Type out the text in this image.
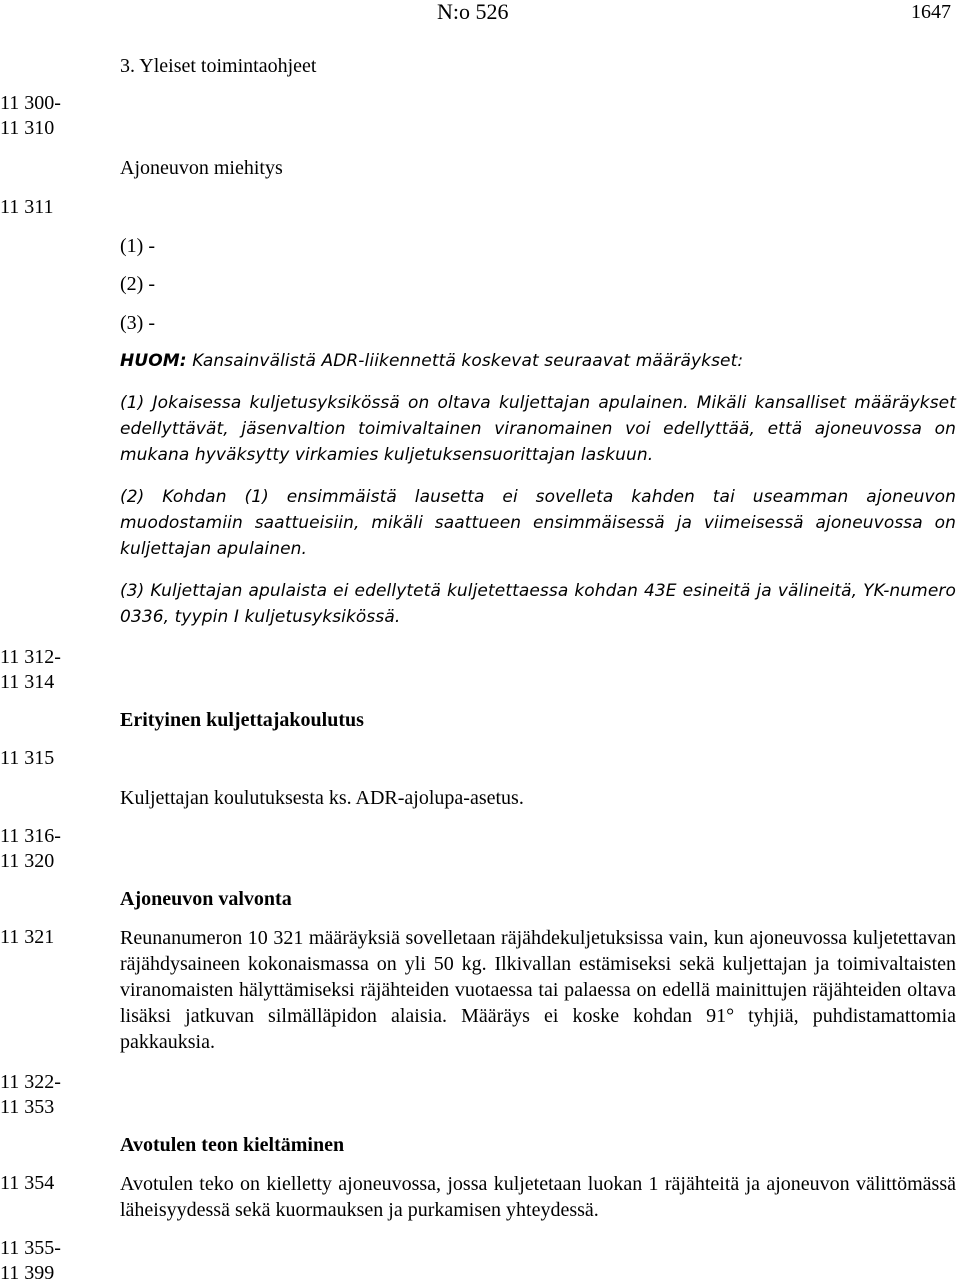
N:o 526	1647
3. Yleiset toimintaohjeet
11 300-
11 310
11 311
11 312-
11 314
11 315
11 316-
11 320
11 321
11 322-
11 353
11 354
11 355-
11 399
Ajoneuvon miehitys
(1) -
(2) -
(3) -
HUOM: Kansainvälistä ADR-liikennettä koskevat seuraavat määräykset:

(1) Jokaisessa kuljetusyksikössä on oltava kuljettajan apulainen. Mikäli kansalliset määräykset edellyttävät, jäsenvaltion toimivaltainen viranomainen voi edellyttää, että ajoneuvossa on mukana hyväksytty virkamies kuljetuksensuorittajan laskuun.

(2) Kohdan (1) ensimmäistä lausetta ei sovelleta kahden tai useamman ajoneuvon muodostamiin saattueisiin, mikäli saattueen ensimmäisessä ja viimeisessä ajoneuvossa on kuljettajan apulainen.

(3) Kuljettajan apulaista ei edellytetä kuljetettaessa kohdan 43E esineitä ja välineitä, YK-numero 0336, tyypin I kuljetusyksikössä.

Erityinen kuljettajakoulutus
Kuljettajan koulutuksesta ks. ADR-ajolupa-asetus.
Ajoneuvon valvonta

Reunanumeron 10 321 määräyksiä sovelletaan räjähdekuljetuksissa vain, kun ajoneuvossa kuljetettavan räjähdysaineen kokonaismassa on yli 50 kg. Ilkivallan estämiseksi sekä kuljettajan ja toimivaltaisten viranomaisten hälyttämiseksi räjähteiden vuotaessa tai palaessa on edellä mainittujen räjähteiden oltava lisäksi jatkuvan silmälläpidon alaisia. Määräys ei koske kohdan 91° tyhjiä, puhdistamattomia pakkauksia.

Avotulen teon kieltäminen

Avotulen teko on kielletty ajoneuvossa, jossa kuljetetaan luokan 1 räjähteitä ja ajoneuvon välittömässä läheisyydessä sekä kuormauksen ja purkamisen yhteydessä.
